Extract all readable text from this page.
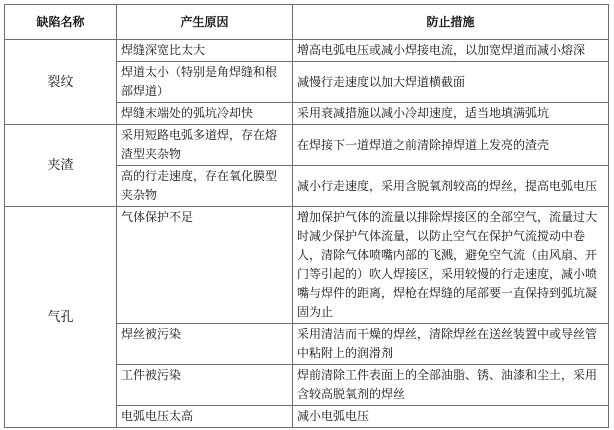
缺陷名称	产生原因	防止措施
裂纹	焊缝深宽比太大	增高电弧电压或减小焊接电流，以加宽焊道而减小熔深
	焊道太小（特别是角焊缝和根部焊道）	减慢行走速度以加大焊道横截面
	焊缝末端处的弧坑冷却快	采用衰减措施以减小冷却速度，适当地填满弧坑
夹渣	采用短路电弧多道焊，存在熔渣型夹杂物	在焊接下一道焊道之前清除掉焊道上发亮的渣壳
	高的行走速度，存在氧化膜型夹杂物	减小行走速度，采用含脱氧剂较高的焊丝，提高电弧电压
气孔	气体保护不足	增加保护气体的流量以排除焊接区的全部空气，流量过大时减少保护气体流量，以防止空气在保护气流搅动中卷人，清除气体喷嘴内部的飞溅，避免空气流（由风扇、开门等引起的）吹人焊接区，采用较慢的行走速度，减小喷嘴与焊件的距离，焊枪在焊缝的尾部要一直保持到弧坑凝固为止
	焊丝被污染	采用清洁而干燥的焊丝，清除焊丝在送丝装置中或导丝管中粘附上的润滑剂
	工件被污染	焊前清除工件表面上的全部油脂、锈、油漆和尘土，采用含较高脱氧剂的焊丝
	电弧电压太高	减小电弧电压
